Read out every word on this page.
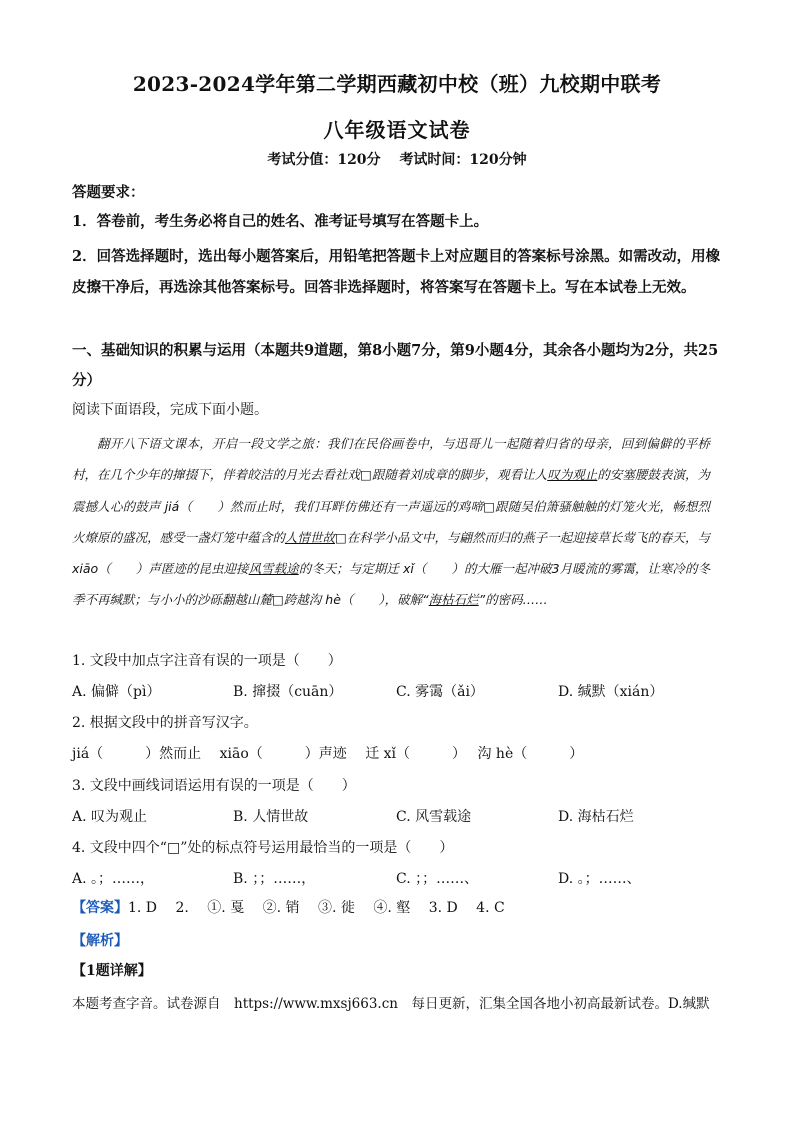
2023-2024学年第二学期西藏初中校（班）九校期中联考
八年级语文试卷
考试分值：120分 考试时间：120分钟
答题要求：
1．答卷前，考生务必将自己的姓名、准考证号填写在答题卡上。
2．回答选择题时，选出每小题答案后，用铅笔把答题卡上对应题目的答案标号涂黑。如需改动，用橡皮擦干净后，再选涂其他答案标号。回答非选择题时，将答案写在答题卡上。写在本试卷上无效。
一、基础知识的积累与运用（本题共9道题，第8小题7分，第9小题4分，其余各小题均为2分，共25分）
阅读下面语段，完成下面小题。
翻开八下语文课本，开启一段文学之旅：我们在民俗画卷中，与迅哥儿一起随着归省的母亲，回到偏僻的平桥村，在几个少年的撺掇下，伴着皎洁的月光去看社戏□跟随着刘成章的脚步，观看让人叹为观止的安塞腰鼓表演，为震撼人心的鼓声 jiá（　　）然而止时，我们耳畔仿佛还有一声遥远的鸡啼□跟随吴伯箫骚触触的灯笼火光，畅想烈火燎原的盛况，感受一盏灯笼中蕴含的人情世故□在科学小品文中，与翩然而归的燕子一起迎接草长莺飞的春天，与 xiāo（　　）声匿迹的昆虫迎接风雪载途的冬天；与定期迁 xǐ（　　）的大雁一起冲破3月暖流的雾霭，让寒冷的冬季不再缄默；与小小的沙砾翻越山麓□跨越沟 hè（　　），破解“海枯石烂”的密码……
1. 文段中加点字注音有误的一项是（　　）
A. 偏僻（pì）	B. 撺掇（cuān）	C. 雾霭（ǎi）	D. 缄默（xián）
2. 根据文段中的拼音写汉字。
jiá（　　　）然而止　 xiāo（　　　）声迹　 迁 xǐ（　　　）　 沟 hè（　　　）
3. 文段中画线词语运用有误的一项是（　　）
A. 叹为观止	B. 人情世故	C. 风雪载途	D. 海枯石烂
4. 文段中四个“□”处的标点符号运用最恰当的一项是（　　）
A. 。；……，	B. ；；……，	C. ；；……、	D. 。；……、
【答案】1. D　 2.　 ①. 戛　 ②. 销　 ③. 徙　 ④. 壑　 3. D　 4. C
【解析】
【1题详解】
本题考查字音。试卷源自　https://www.mxsj663.cn　每日更新，汇集全国各地小初高最新试卷。D.缄默
